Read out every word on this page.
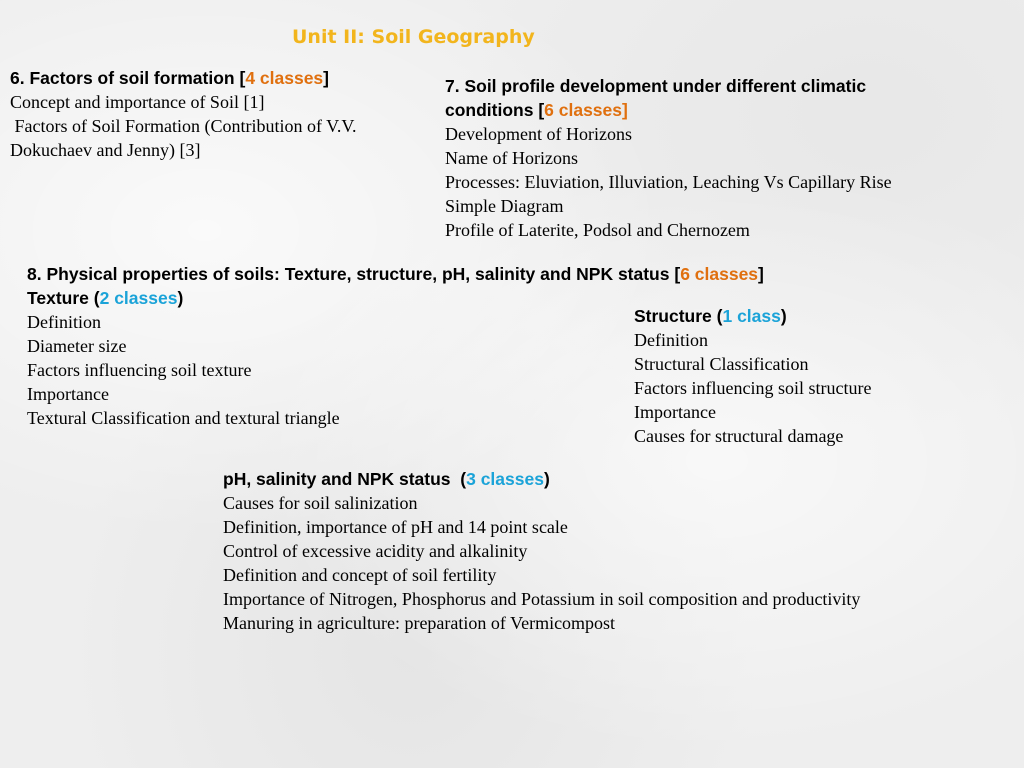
Unit II: Soil Geography
6. Factors of soil formation [4 classes]
Concept and importance of Soil [1]
Factors of Soil Formation (Contribution of V.V.
Dokuchaev and Jenny) [3]
7. Soil profile development under different climatic
conditions [6 classes]
Development of Horizons
Name of Horizons
Processes: Eluviation, Illuviation, Leaching Vs Capillary Rise
Simple Diagram
Profile of Laterite, Podsol and Chernozem
8. Physical properties of soils: Texture, structure, pH, salinity and NPK status [6 classes]
Texture (2 classes)
Definition
Diameter size
Factors influencing soil texture
Importance
Textural Classification and textural triangle
Structure (1 class)
Definition
Structural Classification
Factors influencing soil structure
Importance
Causes for structural damage
pH, salinity and NPK status  (3 classes)
Causes for soil salinization
Definition, importance of pH and 14 point scale
Control of excessive acidity and alkalinity
Definition and concept of soil fertility
Importance of Nitrogen, Phosphorus and Potassium in soil composition and productivity
Manuring in agriculture: preparation of Vermicompost
